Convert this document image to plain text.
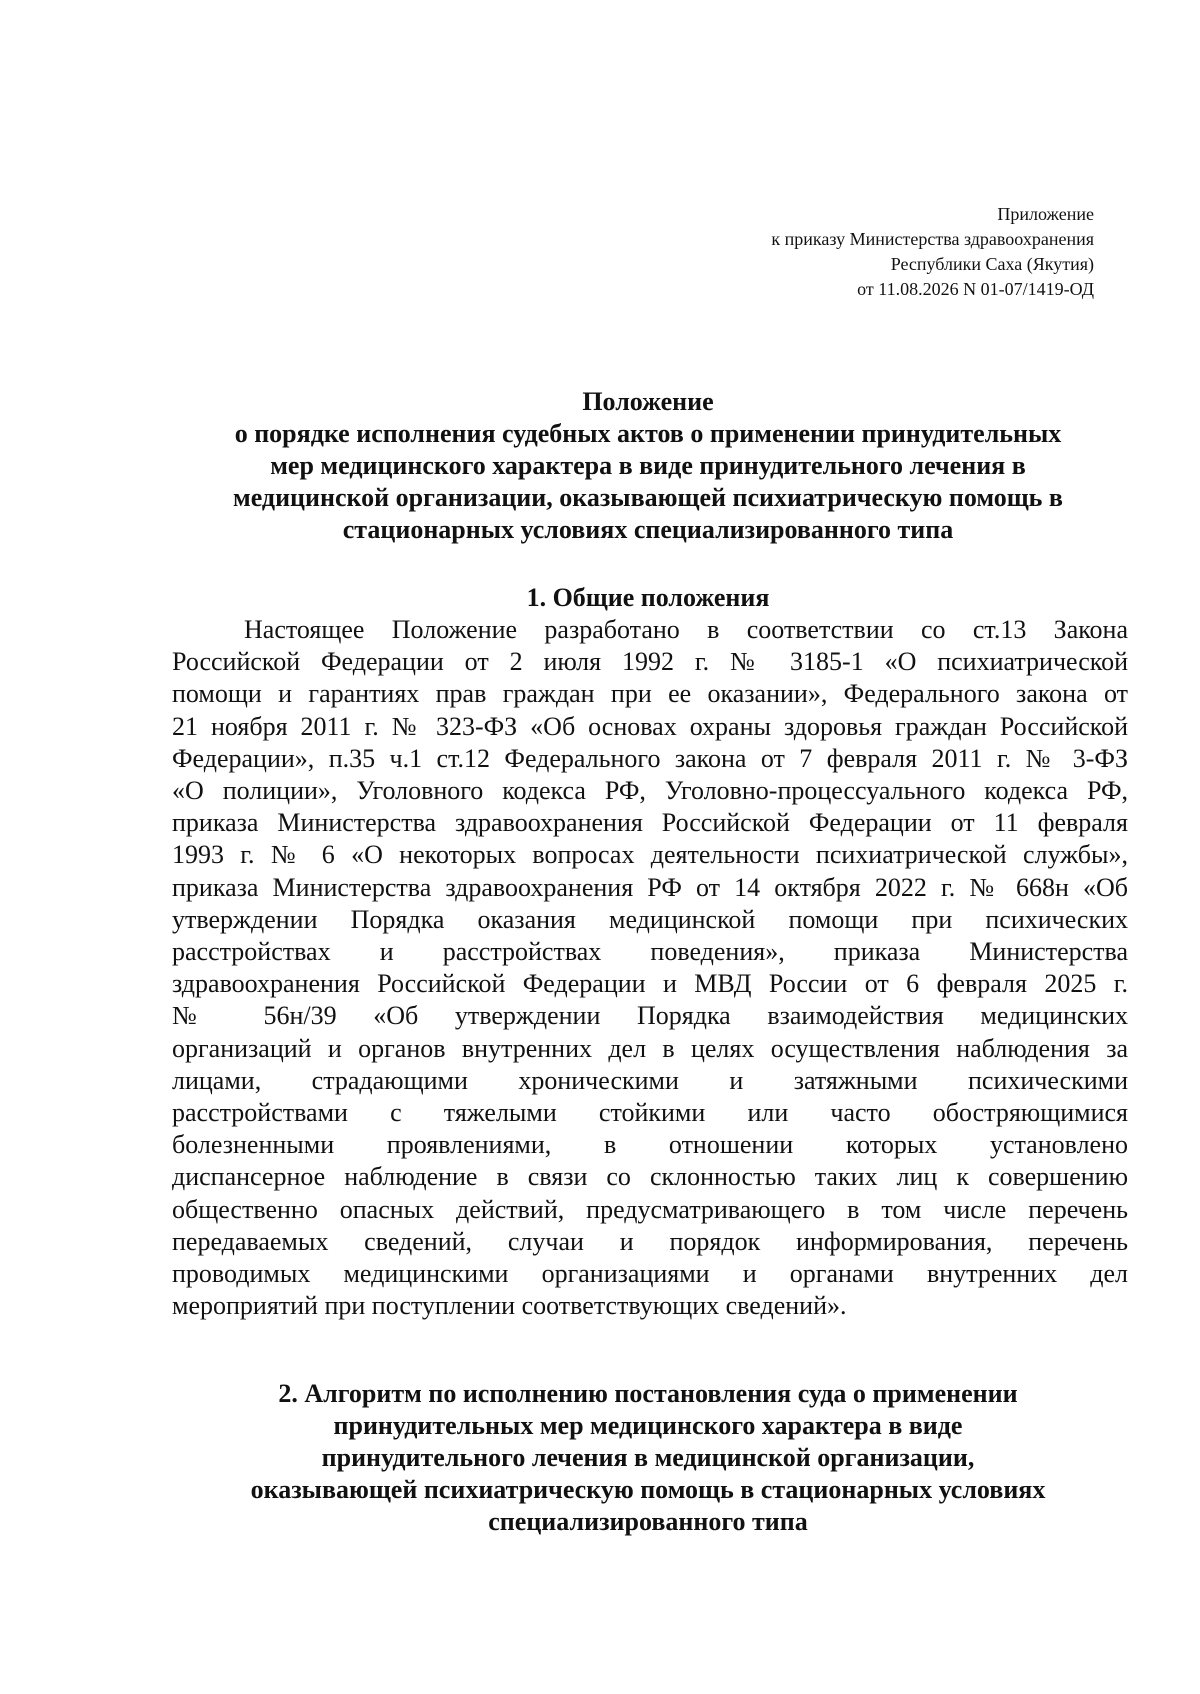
Приложение
к приказу Министерства здравоохранения
Республики Саха (Якутия)
от 11.08.2026 N 01-07/1419-ОД
Положение
о порядке исполнения судебных актов о применении принудительных
мер медицинского характера в виде принудительного лечения в
медицинской организации, оказывающей психиатрическую помощь в
стационарных условиях специализированного типа
1. Общие положения
Настоящее Положение разработано в соответствии со ст.13 Закона
Российской Федерации от 2 июля 1992 г. № 3185-1 «О психиатрической
помощи и гарантиях прав граждан при ее оказании», Федерального закона от
21 ноября 2011 г. № 323-ФЗ «Об основах охраны здоровья граждан Российской
Федерации», п.35 ч.1 ст.12 Федерального закона от 7 февраля 2011 г. № 3-ФЗ
«О полиции», Уголовного кодекса РФ, Уголовно-процессуального кодекса РФ,
приказа Министерства здравоохранения Российской Федерации от 11 февраля
1993 г. № 6 «О некоторых вопросах деятельности психиатрической службы»,
приказа Министерства здравоохранения РФ от 14 октября 2022 г. № 668н «Об
утверждении Порядка оказания медицинской помощи при психических
расстройствах и расстройствах поведения», приказа Министерства
здравоохранения Российской Федерации и МВД России от 6 февраля 2025 г.
№ 56н/39 «Об утверждении Порядка взаимодействия медицинских
организаций и органов внутренних дел в целях осуществления наблюдения за
лицами, страдающими хроническими и затяжными психическими
расстройствами с тяжелыми стойкими или часто обостряющимися
болезненными проявлениями, в отношении которых установлено
диспансерное наблюдение в связи со склонностью таких лиц к совершению
общественно опасных действий, предусматривающего в том числе перечень
передаваемых сведений, случаи и порядок информирования, перечень
проводимых медицинскими организациями и органами внутренних дел
мероприятий при поступлении соответствующих сведений».
2. Алгоритм по исполнению постановления суда о применении
принудительных мер медицинского характера в виде
принудительного лечения в медицинской организации,
оказывающей психиатрическую помощь в стационарных условиях
специализированного типа
